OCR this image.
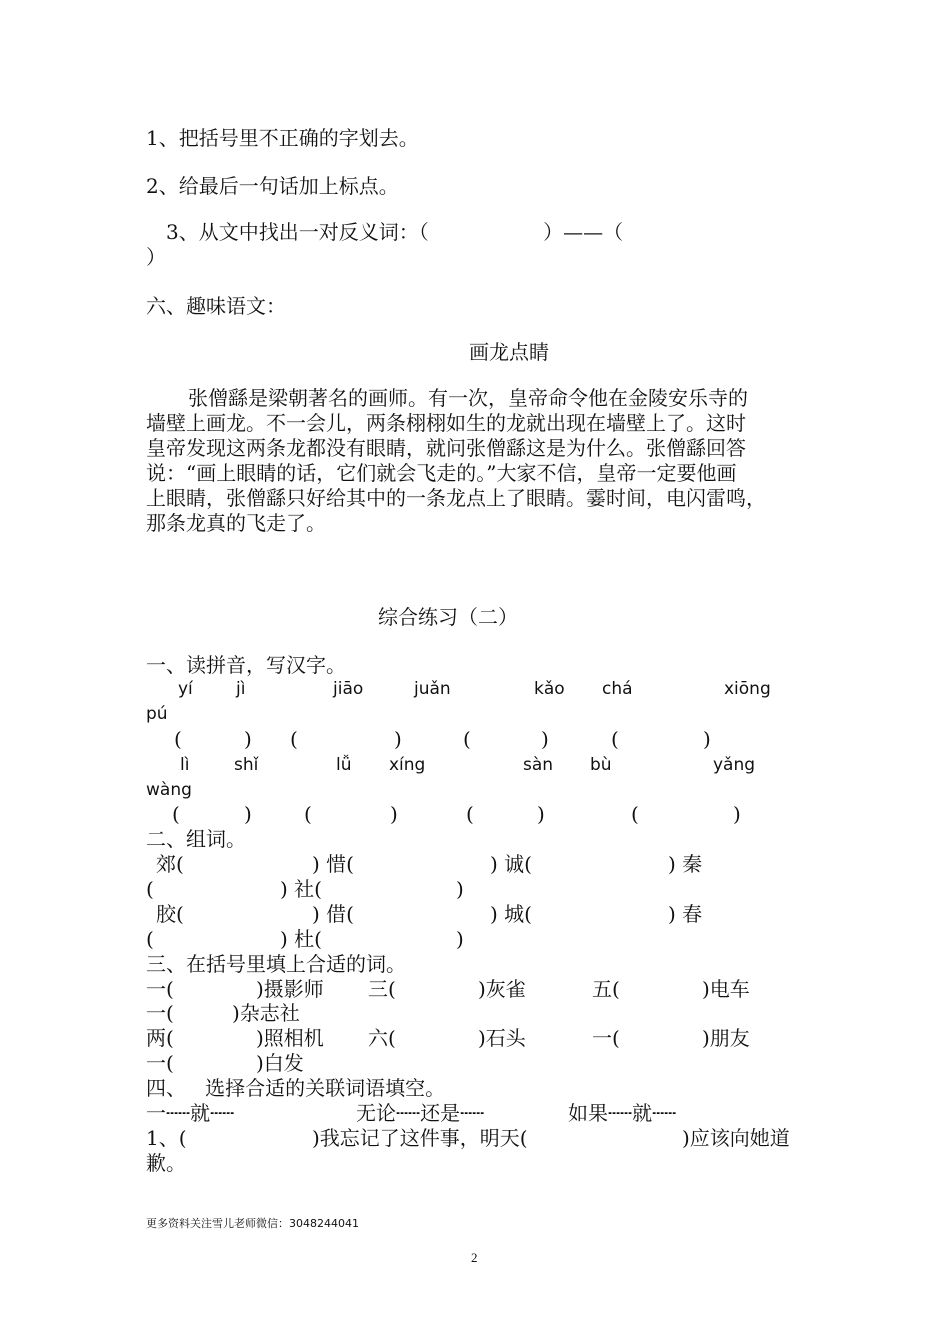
1、把括号里不正确的字划去。
2、给最后一句话加上标点。
3、从文中找出一对反义词：（                  ）——（
）
六、趣味语文：
画龙点睛
张僧繇是梁朝著名的画师。有一次，皇帝命令他在金陵安乐寺的
墙壁上画龙。不一会儿，两条栩栩如生的龙就出现在墙壁上了。这时
皇帝发现这两条龙都没有眼睛，就问张僧繇这是为什么。张僧繇回答
说：“画上眼睛的话，它们就会飞走的。”大家不信，皇帝一定要他画
上眼睛，张僧繇只好给其中的一条龙点上了眼睛。霎时间，电闪雷鸣，
那条龙真的飞走了。
综合练习（二）
一、读拼音，写汉字。
yí	jì	jiāo	juǎn	kǎo chá	xiōng
pú
(	) (	)	(	)	(	)
lì	shǐ	lǚ xíng	sàn bù	yǎng
wàng
(	)	(	)	(	)	(	)
二、组词。
郊(	) 惜(	) 诚(	) 秦
(	) 社(	)
胶(	) 借(	) 城(	) 春
(	) 杜(	)
三、在括号里填上合适的词。
一(	)摄影师 三(	)灰雀	五(	)电车
一(	)杂志社
两(	)照相机 六(	)石头	一(	)朋友
一(	)白发
四、   选择合适的关联词语填空。
一┄┄就┄┄	无论┄┄还是┄┄	如果┄┄就┄┄
1、(	)我忘记了这件事，明天(	)应该向她道
歉。
更多资料关注雪儿老师微信：3048244041
2
